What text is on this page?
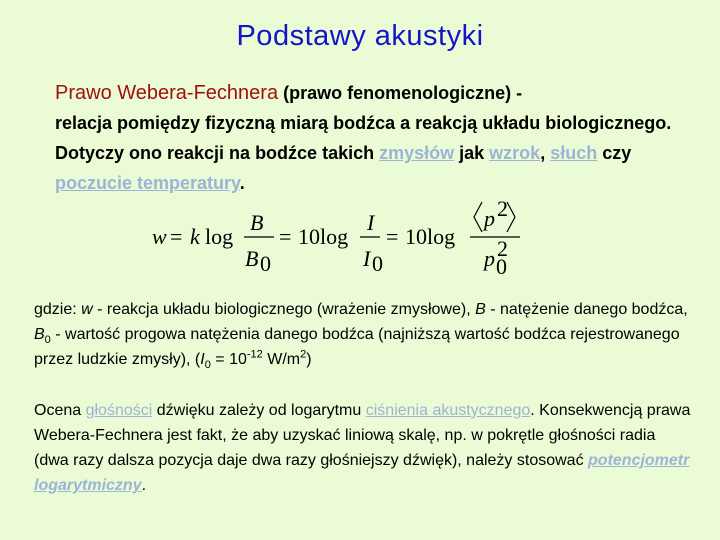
Podstawy akustyki
Prawo Webera-Fechnera (prawo fenomenologiczne) -
relacja pomiędzy fizyczną miarą bodźca a reakcją układu biologicznego. Dotyczy ono reakcji na bodźce takich zmysłów jak wzrok, słuch czy poczucie temperatury.
w = k log
B
B 0
= 10 log
I
I 0
= 10 log
p 2
p 2
0
gdzie: w - reakcja układu biologicznego (wrażenie zmysłowe), B - natężenie danego bodźca, $B_0$ - wartość progowa natężenia danego bodźca (najniższą wartość bodźca rejestrowanego przez ludzkie zmysły), ($I_0 = 10^{-12}$ $W/m^2$)
Ocena głośności dźwięku zależy od logarytmu ciśnienia akustycznego. Konsekwencją prawa Webera-Fechnera jest fakt, że aby uzyskać liniową skalę, np. w pokrętle głośności radia (dwa razy dalsza pozycja daje dwa razy głośniejszy dźwięk), należy stosować potencjometr logarytmiczny.
